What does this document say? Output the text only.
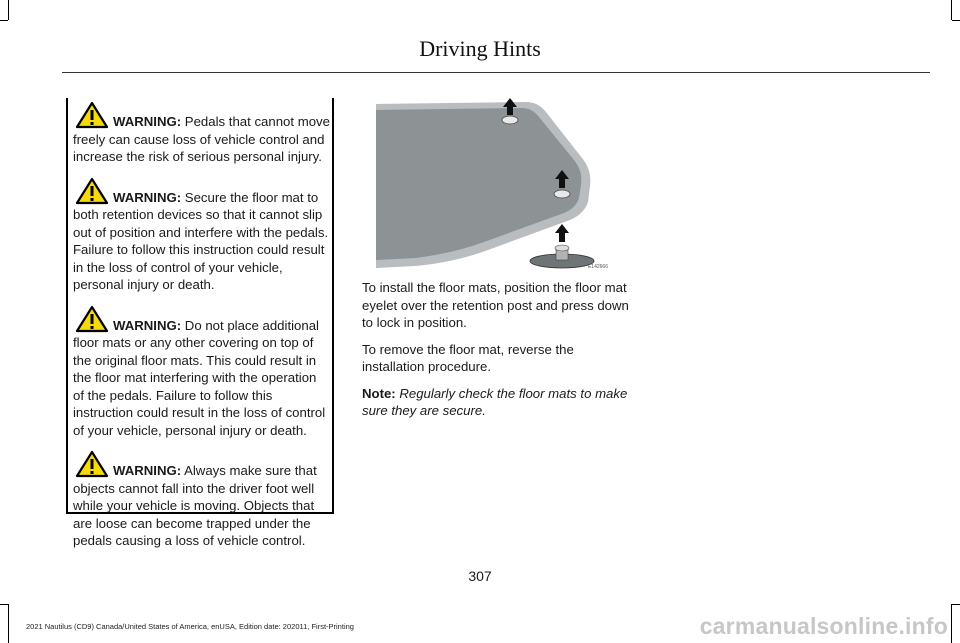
Driving Hints
WARNING: Pedals that cannot move freely can cause loss of vehicle control and increase the risk of serious personal injury.
WARNING: Secure the floor mat to both retention devices so that it cannot slip out of position and interfere with the pedals. Failure to follow this instruction could result in the loss of control of your vehicle, personal injury or death.
WARNING: Do not place additional floor mats or any other covering on top of the original floor mats. This could result in the floor mat interfering with the operation of the pedals. Failure to follow this instruction could result in the loss of control of your vehicle, personal injury or death.
WARNING: Always make sure that objects cannot fall into the driver foot well while your vehicle is moving. Objects that are loose can become trapped under the pedals causing a loss of vehicle control.
E142666

To install the floor mats, position the floor mat eyelet over the retention post and press down to lock in position.

To remove the floor mat, reverse the installation procedure.

Note: Regularly check the floor mats to make sure they are secure.

307
2021 Nautilus (CD9) Canada/United States of America, enUSA, Edition date: 202011, First-Printing	carmanualsonline.info
